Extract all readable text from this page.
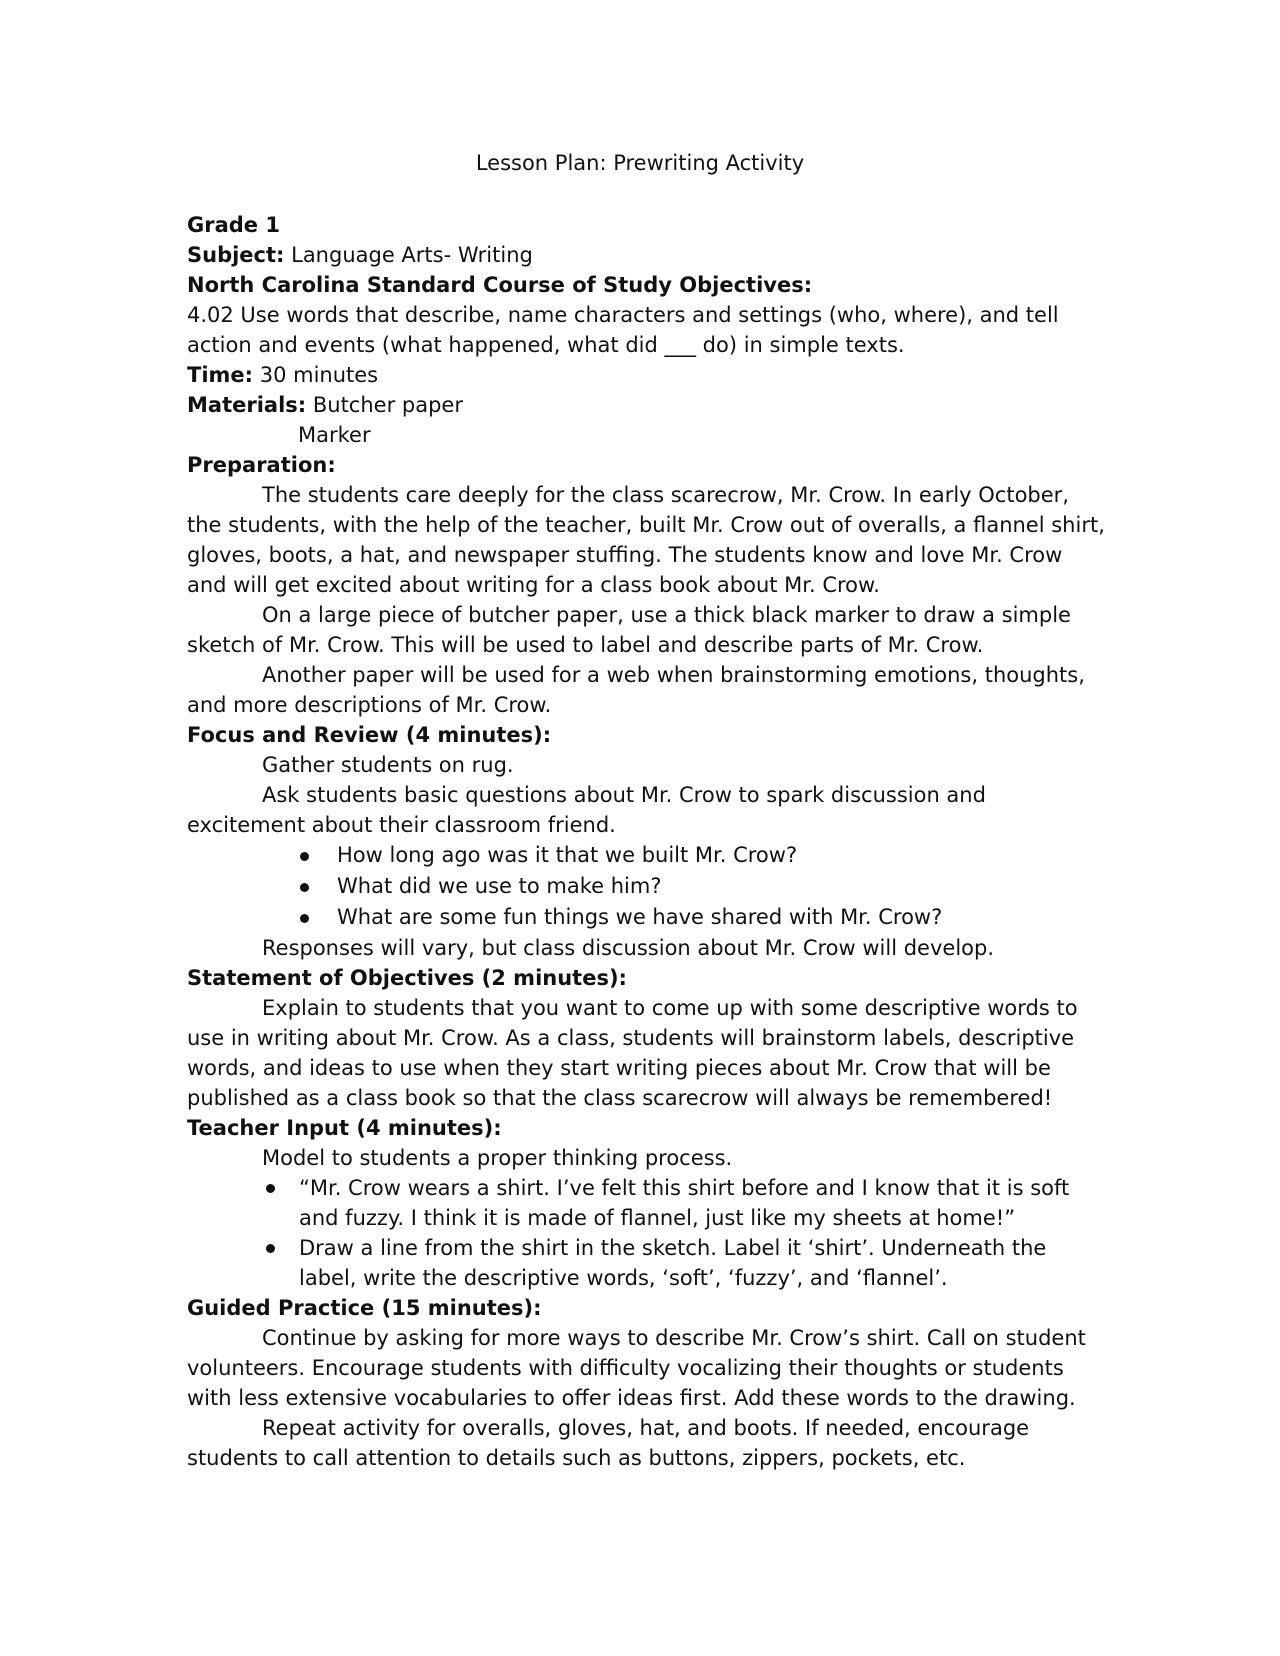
Lesson Plan: Prewriting Activity
Grade 1
Subject: Language Arts- Writing
North Carolina Standard Course of Study Objectives:
4.02 Use words that describe, name characters and settings (who, where), and tell
action and events (what happened, what did ___ do) in simple texts.
Time: 30 minutes
Materials: Butcher paper
Marker
Preparation:
The students care deeply for the class scarecrow, Mr. Crow. In early October,
the students, with the help of the teacher, built Mr. Crow out of overalls, a flannel shirt,
gloves, boots, a hat, and newspaper stuffing. The students know and love Mr. Crow
and will get excited about writing for a class book about Mr. Crow.
On a large piece of butcher paper, use a thick black marker to draw a simple
sketch of Mr. Crow. This will be used to label and describe parts of Mr. Crow.
Another paper will be used for a web when brainstorming emotions, thoughts,
and more descriptions of Mr. Crow.
Focus and Review (4 minutes):
Gather students on rug.
Ask students basic questions about Mr. Crow to spark discussion and
excitement about their classroom friend.
How long ago was it that we built Mr. Crow?
What did we use to make him?
What are some fun things we have shared with Mr. Crow?
Responses will vary, but class discussion about Mr. Crow will develop.
Statement of Objectives (2 minutes):
Explain to students that you want to come up with some descriptive words to
use in writing about Mr. Crow. As a class, students will brainstorm labels, descriptive
words, and ideas to use when they start writing pieces about Mr. Crow that will be
published as a class book so that the class scarecrow will always be remembered!
Teacher Input (4 minutes):
Model to students a proper thinking process.
“Mr. Crow wears a shirt. I’ve felt this shirt before and I know that it is soft
and fuzzy. I think it is made of flannel, just like my sheets at home!”
Draw a line from the shirt in the sketch. Label it ‘shirt’. Underneath the
label, write the descriptive words, ‘soft’, ‘fuzzy’, and ‘flannel’.
Guided Practice (15 minutes):
Continue by asking for more ways to describe Mr. Crow’s shirt. Call on student
volunteers. Encourage students with difficulty vocalizing their thoughts or students
with less extensive vocabularies to offer ideas first. Add these words to the drawing.
Repeat activity for overalls, gloves, hat, and boots. If needed, encourage
students to call attention to details such as buttons, zippers, pockets, etc.
